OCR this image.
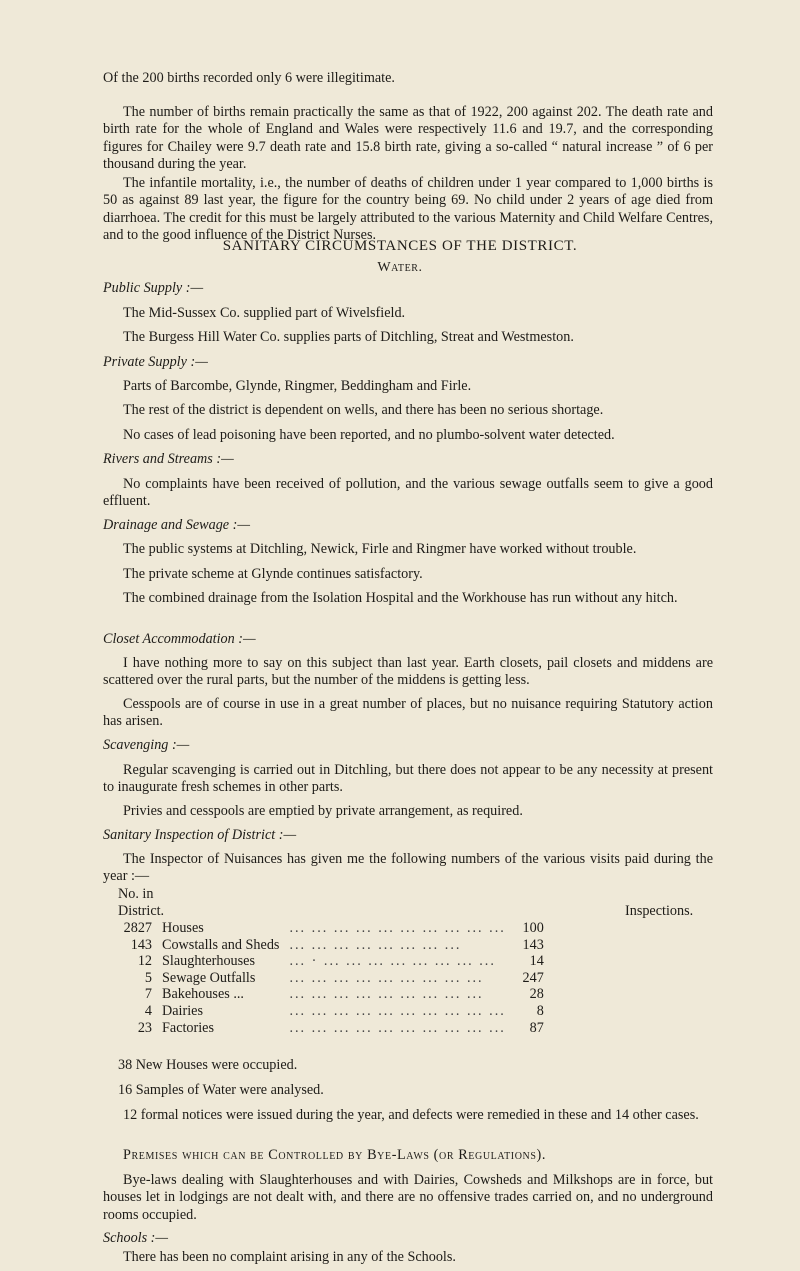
Of the 200 births recorded only 6 were illegitimate.

The number of births remain practically the same as that of 1922, 200 against 202. The death rate and birth rate for the whole of England and Wales were respectively 11.6 and 19.7, and the corresponding figures for Chailey were 9.7 death rate and 15.8 birth rate, giving a so-called “ natural increase ” of 6 per thousand during the year.

The infantile mortality, i.e., the number of deaths of children under 1 year compared to 1,000 births is 50 as against 89 last year, the figure for the country being 69. No child under 2 years of age died from diarrhoea. The credit for this must be largely attributed to the various Maternity and Child Welfare Centres, and to the good influence of the District Nurses.

SANITARY CIRCUMSTANCES OF THE DISTRICT.
Water.

Public Supply :—

The Mid-Sussex Co. supplied part of Wivelsfield.

The Burgess Hill Water Co. supplies parts of Ditchling, Streat and Westmeston.

Private Supply :—

Parts of Barcombe, Glynde, Ringmer, Beddingham and Firle.

The rest of the district is dependent on wells, and there has been no serious shortage.

No cases of lead poisoning have been reported, and no plumbo-solvent water detected.

Rivers and Streams :—

No complaints have been received of pollution, and the various sewage outfalls seem to give a good effluent.

Drainage and Sewage :—

The public systems at Ditchling, Newick, Firle and Ringmer have worked without trouble.

The private scheme at Glynde continues satisfactory.

The combined drainage from the Isolation Hospital and the Workhouse has run without any hitch.

Closet Accommodation :—

I have nothing more to say on this subject than last year. Earth closets, pail closets and middens are scattered over the rural parts, but the number of the middens is getting less.

Cesspools are of course in use in a great number of places, but no nuisance requiring Statutory action has arisen.

Scavenging :—

Regular scavenging is carried out in Ditchling, but there does not appear to be any necessity at present to inaugurate fresh schemes in other parts.

Privies and cesspools are emptied by private arrangement, as required.

Sanitary Inspection of District :—

The Inspector of Nuisances has given me the following numbers of the various visits paid during the year :—

No. in
District.	Inspections.
2827	Houses	... ... ... ... ... ... ... ... ... ...	100
143	Cowstalls and Sheds	... ... ... ... ... ... ... ...	143
12	Slaughterhouses	... · ... ... ... ... ... ... ... ...	14
5	Sewage Outfalls	... ... ... ... ... ... ... ... ...	247
7	Bakehouses ...	... ... ... ... ... ... ... ... ...	28
4	Dairies	... ... ... ... ... ... ... ... ... ...	8
23	Factories	... ... ... ... ... ... ... ... ... ...	87

38 New Houses were occupied.

16 Samples of Water were analysed.

12 formal notices were issued during the year, and defects were remedied in these and 14 other cases.

Premises which can be Controlled by Bye-Laws (or Regulations).

Bye-laws dealing with Slaughterhouses and with Dairies, Cowsheds and Milkshops are in force, but houses let in lodgings are not dealt with, and there are no offensive trades carried on, and no underground rooms occupied.

Schools :—

There has been no complaint arising in any of the Schools.
